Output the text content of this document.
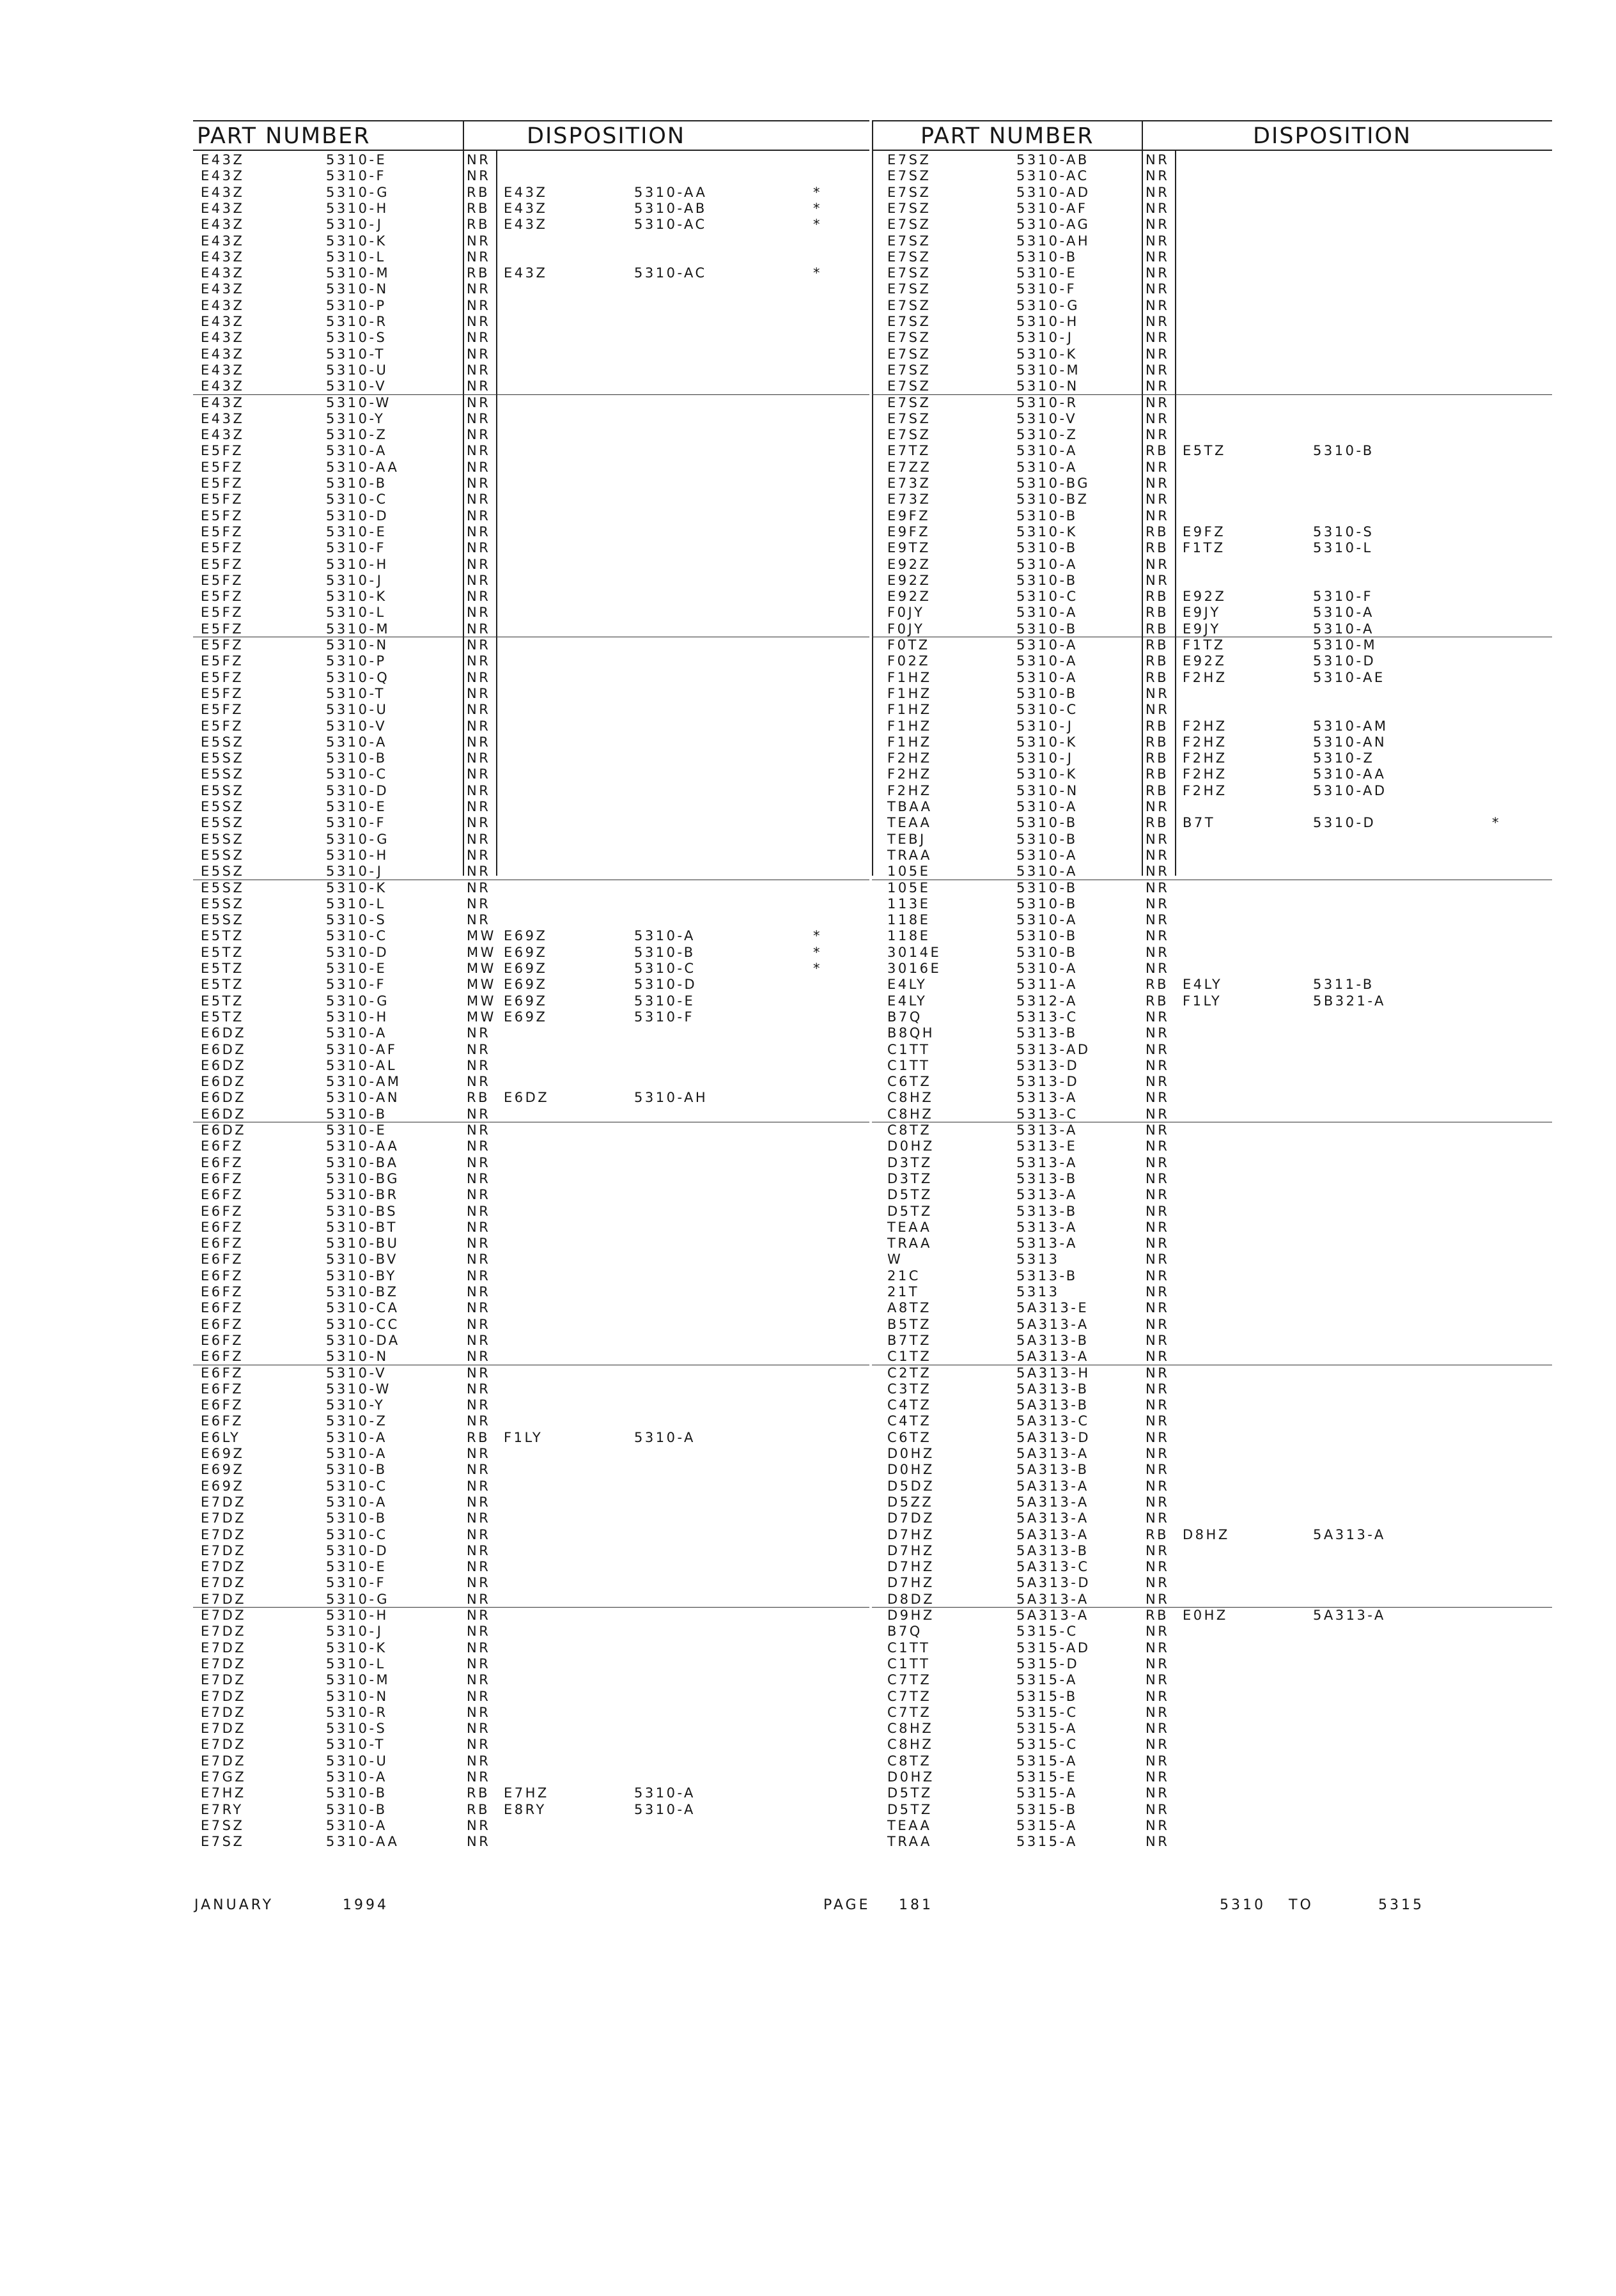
PART NUMBER	DISPOSITION
E43Z	5310-E	NR
E43Z	5310-F	NR
E43Z	5310-G	RB E43Z	5310-AA	*
E43Z	5310-H	RB E43Z	5310-AB	*
E43Z	5310-J	RB E43Z	5310-AC	*
E43Z	5310-K	NR
E43Z	5310-L	NR
E43Z	5310-M	RB E43Z	5310-AC	*
E43Z	5310-N	NR
E43Z	5310-P	NR
E43Z	5310-R	NR
E43Z	5310-S	NR
E43Z	5310-T	NR
E43Z	5310-U	NR
E43Z	5310-V	NR
E43Z	5310-W	NR
E43Z	5310-Y	NR
E43Z	5310-Z	NR
E5FZ	5310-A	NR
E5FZ	5310-AA	NR
E5FZ	5310-B	NR
E5FZ	5310-C	NR
E5FZ	5310-D	NR
E5FZ	5310-E	NR
E5FZ	5310-F	NR
E5FZ	5310-H	NR
E5FZ	5310-J	NR
E5FZ	5310-K	NR
E5FZ	5310-L	NR
E5FZ	5310-M	NR
E5FZ	5310-N	NR
E5FZ	5310-P	NR
E5FZ	5310-Q	NR
E5FZ	5310-T	NR
E5FZ	5310-U	NR
E5FZ	5310-V	NR
E5SZ	5310-A	NR
E5SZ	5310-B	NR
E5SZ	5310-C	NR
E5SZ	5310-D	NR
E5SZ	5310-E	NR
E5SZ	5310-F	NR
E5SZ	5310-G	NR
E5SZ	5310-H	NR
E5SZ	5310-J	NR
E5SZ	5310-K	NR
E5SZ	5310-L	NR
E5SZ	5310-S	NR
E5TZ	5310-C	MW E69Z	5310-A	*
E5TZ	5310-D	MW E69Z	5310-B	*
E5TZ	5310-E	MW E69Z	5310-C	*
E5TZ	5310-F	MW E69Z	5310-D
E5TZ	5310-G	MW E69Z	5310-E
E5TZ	5310-H	MW E69Z	5310-F
E6DZ	5310-A	NR
E6DZ	5310-AF	NR
E6DZ	5310-AL	NR
E6DZ	5310-AM	NR
E6DZ	5310-AN	RB E6DZ	5310-AH
E6DZ	5310-B	NR
E6DZ	5310-E	NR
E6FZ	5310-AA	NR
E6FZ	5310-BA	NR
E6FZ	5310-BG	NR
E6FZ	5310-BR	NR
E6FZ	5310-BS	NR
E6FZ	5310-BT	NR
E6FZ	5310-BU	NR
E6FZ	5310-BV	NR
E6FZ	5310-BY	NR
E6FZ	5310-BZ	NR
E6FZ	5310-CA	NR
E6FZ	5310-CC	NR
E6FZ	5310-DA	NR
E6FZ	5310-N	NR
E6FZ	5310-V	NR
E6FZ	5310-W	NR
E6FZ	5310-Y	NR
E6FZ	5310-Z	NR
E6LY	5310-A	RB F1LY	5310-A
E69Z	5310-A	NR
E69Z	5310-B	NR
E69Z	5310-C	NR
E7DZ	5310-A	NR
E7DZ	5310-B	NR
E7DZ	5310-C	NR
E7DZ	5310-D	NR
E7DZ	5310-E	NR
E7DZ	5310-F	NR
E7DZ	5310-G	NR
E7DZ	5310-H	NR
E7DZ	5310-J	NR
E7DZ	5310-K	NR
E7DZ	5310-L	NR
E7DZ	5310-M	NR
E7DZ	5310-N	NR
E7DZ	5310-R	NR
E7DZ	5310-S	NR
E7DZ	5310-T	NR
E7DZ	5310-U	NR
E7GZ	5310-A	NR
E7HZ	5310-B	RB E7HZ	5310-A
E7RY	5310-B	RB E8RY	5310-A
E7SZ	5310-A	NR
E7SZ	5310-AA	NR
PART NUMBER	DISPOSITION
E7SZ	5310-AB	NR
E7SZ	5310-AC	NR
E7SZ	5310-AD	NR
E7SZ	5310-AF	NR
E7SZ	5310-AG	NR
E7SZ	5310-AH	NR
E7SZ	5310-B	NR
E7SZ	5310-E	NR
E7SZ	5310-F	NR
E7SZ	5310-G	NR
E7SZ	5310-H	NR
E7SZ	5310-J	NR
E7SZ	5310-K	NR
E7SZ	5310-M	NR
E7SZ	5310-N	NR
E7SZ	5310-R	NR
E7SZ	5310-V	NR
E7SZ	5310-Z	NR
E7TZ	5310-A	RB E5TZ	5310-B
E7ZZ	5310-A	NR
E73Z	5310-BG	NR
E73Z	5310-BZ	NR
E9FZ	5310-B	NR
E9FZ	5310-K	RB E9FZ	5310-S
E9TZ	5310-B	RB F1TZ	5310-L
E92Z	5310-A	NR
E92Z	5310-B	NR
E92Z	5310-C	RB E92Z	5310-F
F0JY	5310-A	RB E9JY	5310-A
F0JY	5310-B	RB E9JY	5310-A
F0TZ	5310-A	RB F1TZ	5310-M
F02Z	5310-A	RB E92Z	5310-D
F1HZ	5310-A	RB F2HZ	5310-AE
F1HZ	5310-B	NR
F1HZ	5310-C	NR
F1HZ	5310-J	RB F2HZ	5310-AM
F1HZ	5310-K	RB F2HZ	5310-AN
F2HZ	5310-J	RB F2HZ	5310-Z
F2HZ	5310-K	RB F2HZ	5310-AA
F2HZ	5310-N	RB F2HZ	5310-AD
TBAA	5310-A	NR
TEAA	5310-B	RB B7T	5310-D	*
TEBJ	5310-B	NR
TRAA	5310-A	NR
105E	5310-A	NR
105E	5310-B	NR
113E	5310-B	NR
118E	5310-A	NR
118E	5310-B	NR
3014E	5310-B	NR
3016E	5310-A	NR
E4LY	5311-A	RB E4LY	5311-B
E4LY	5312-A	RB F1LY	5B321-A
B7Q	5313-C	NR
B8QH	5313-B	NR
C1TT	5313-AD	NR
C1TT	5313-D	NR
C6TZ	5313-D	NR
C8HZ	5313-A	NR
C8HZ	5313-C	NR
C8TZ	5313-A	NR
D0HZ	5313-E	NR
D3TZ	5313-A	NR
D3TZ	5313-B	NR
D5TZ	5313-A	NR
D5TZ	5313-B	NR
TEAA	5313-A	NR
TRAA	5313-A	NR
W	5313	NR
21C	5313-B	NR
21T	5313	NR
A8TZ	5A313-E	NR
B5TZ	5A313-A	NR
B7TZ	5A313-B	NR
C1TZ	5A313-A	NR
C2TZ	5A313-H	NR
C3TZ	5A313-B	NR
C4TZ	5A313-B	NR
C4TZ	5A313-C	NR
C6TZ	5A313-D	NR
D0HZ	5A313-A	NR
D0HZ	5A313-B	NR
D5DZ	5A313-A	NR
D5ZZ	5A313-A	NR
D7DZ	5A313-A	NR
D7HZ	5A313-A	RB D8HZ	5A313-A
D7HZ	5A313-B	NR
D7HZ	5A313-C	NR
D7HZ	5A313-D	NR
D8DZ	5A313-A	NR
D9HZ	5A313-A	RB E0HZ	5A313-A
B7Q	5315-C	NR
C1TT	5315-AD	NR
C1TT	5315-D	NR
C7TZ	5315-A	NR
C7TZ	5315-B	NR
C7TZ	5315-C	NR
C8HZ	5315-A	NR
C8HZ	5315-C	NR
C8TZ	5315-A	NR
D0HZ	5315-E	NR
D5TZ	5315-A	NR
D5TZ	5315-B	NR
TEAA	5315-A	NR
TRAA	5315-A	NR
JANUARY	1994	PAGE 181	5310 TO	5315
